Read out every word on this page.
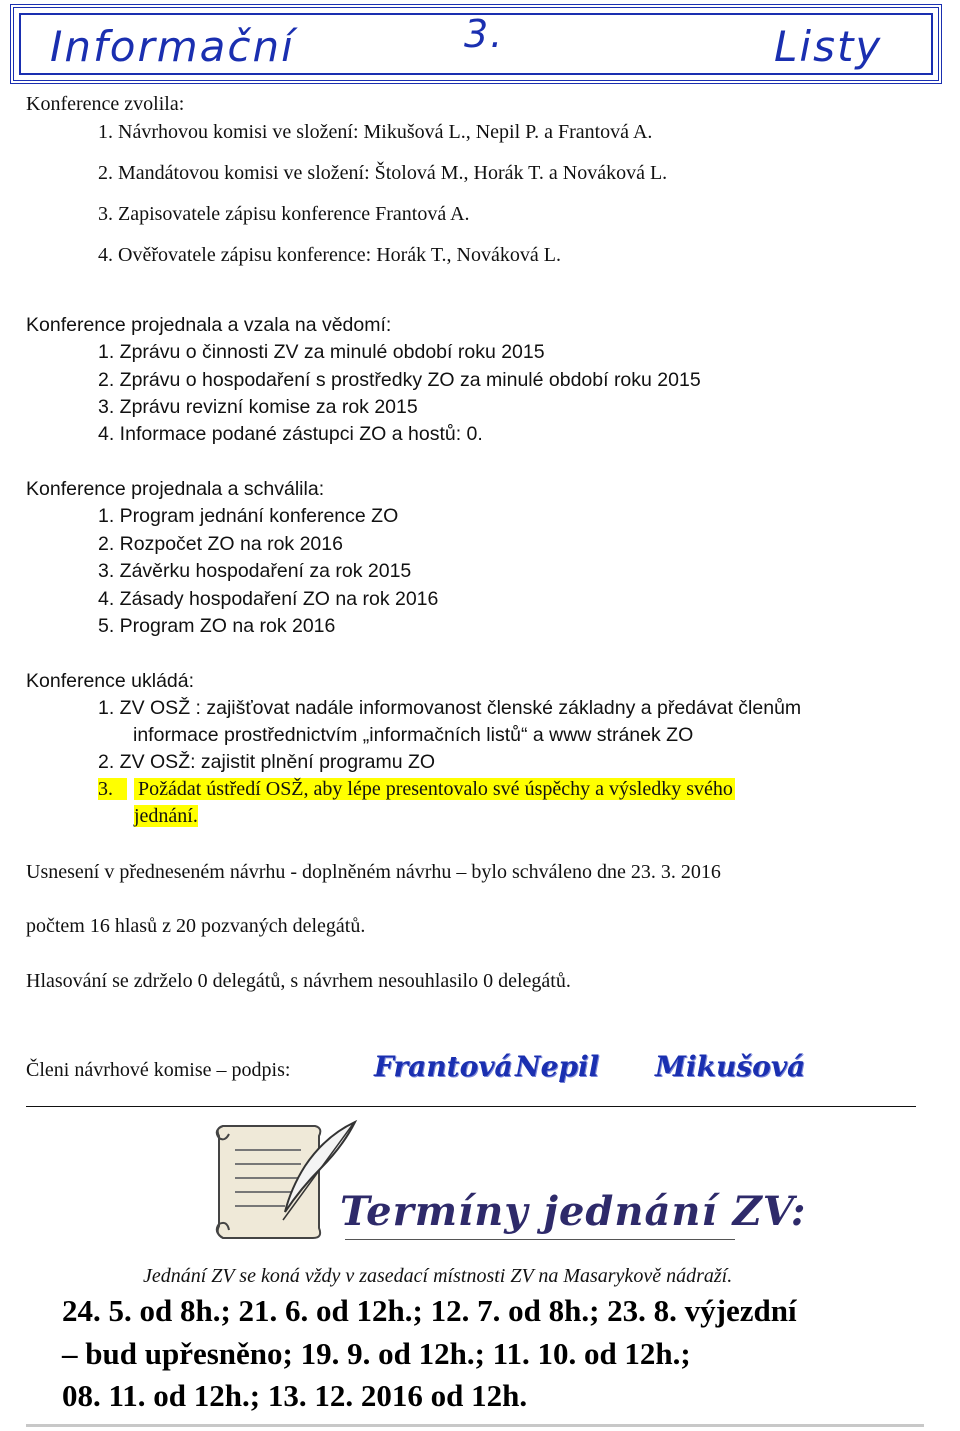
Informační	3.	Listy
Konference zvolila:
1. Návrhovou komisi ve složení: Mikušová L., Nepil P. a Frantová A.
2. Mandátovou komisi ve složení: Štolová M., Horák T. a Nováková L.
3. Zapisovatele zápisu konference Frantová A.
4. Ověřovatele zápisu konference: Horák T., Nováková L.
Konference projednala a vzala na vědomí:
1. Zprávu o činnosti ZV za minulé období roku 2015
2. Zprávu o hospodaření s prostředky ZO za minulé období roku 2015
3. Zprávu revizní komise za rok 2015
4. Informace podané zástupci ZO a hostů: 0.
Konference projednala a schválila:
1. Program jednání konference ZO
2. Rozpočet ZO na rok 2016
3. Závěrku hospodaření za rok 2015
4. Zásady hospodaření ZO na rok 2016
5. Program ZO na rok 2016
Konference ukládá:
1. ZV OSŽ : zajišťovat nadále informovanost členské základny a předávat členům
informace prostřednictvím „informačních listů“ a www stránek ZO
2. ZV OSŽ: zajistit plnění programu ZO
3.	Požádat ústředí OSŽ, aby lépe presentovalo své úspěchy a výsledky svého
jednání.
Usnesení v předneseném návrhu - doplněném návrhu – bylo schváleno dne 23. 3. 2016
počtem 16 hlasů z 20 pozvaných delegátů.
Hlasování se zdrželo 0 delegátů, s návrhem nesouhlasilo 0 delegátů.
Členi návrhové komise – podpis:	Frantová Nepil Mikušová
Termíny jednání ZV:
Jednání ZV se koná vždy v zasedací místnosti ZV na Masarykově nádraží.
24. 5. od 8h.; 21. 6. od 12h.; 12. 7. od 8h.; 23. 8. výjezdní
– bud upřesněno; 19. 9. od 12h.; 11. 10. od 12h.;
08. 11. od 12h.; 13. 12. 2016 od 12h.
